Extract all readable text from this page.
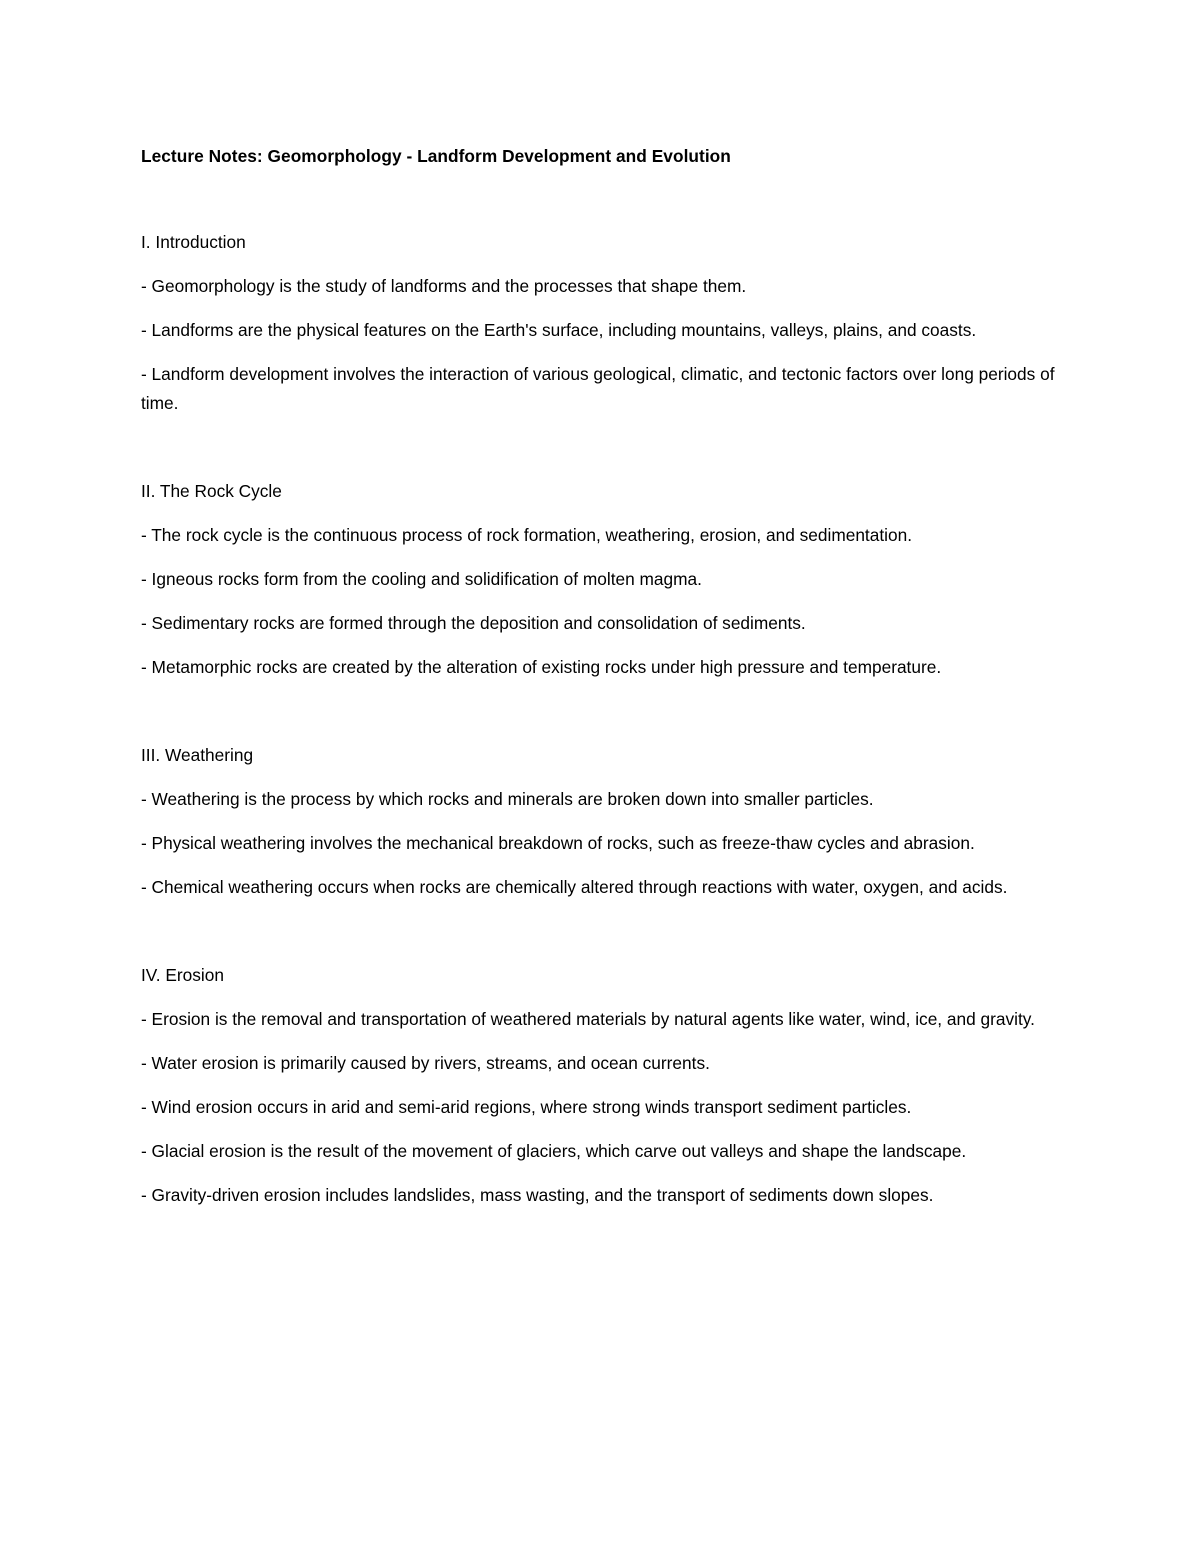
Lecture Notes: Geomorphology - Landform Development and Evolution

I. Introduction

- Geomorphology is the study of landforms and the processes that shape them.

- Landforms are the physical features on the Earth's surface, including mountains, valleys, plains, and coasts.

- Landform development involves the interaction of various geological, climatic, and tectonic factors over long periods of time.

II. The Rock Cycle

- The rock cycle is the continuous process of rock formation, weathering, erosion, and sedimentation.

- Igneous rocks form from the cooling and solidification of molten magma.

- Sedimentary rocks are formed through the deposition and consolidation of sediments.

- Metamorphic rocks are created by the alteration of existing rocks under high pressure and temperature.

III. Weathering

- Weathering is the process by which rocks and minerals are broken down into smaller particles.

- Physical weathering involves the mechanical breakdown of rocks, such as freeze-thaw cycles and abrasion.

- Chemical weathering occurs when rocks are chemically altered through reactions with water, oxygen, and acids.

IV. Erosion

- Erosion is the removal and transportation of weathered materials by natural agents like water, wind, ice, and gravity.

- Water erosion is primarily caused by rivers, streams, and ocean currents.

- Wind erosion occurs in arid and semi-arid regions, where strong winds transport sediment particles.

- Glacial erosion is the result of the movement of glaciers, which carve out valleys and shape the landscape.

- Gravity-driven erosion includes landslides, mass wasting, and the transport of sediments down slopes.
